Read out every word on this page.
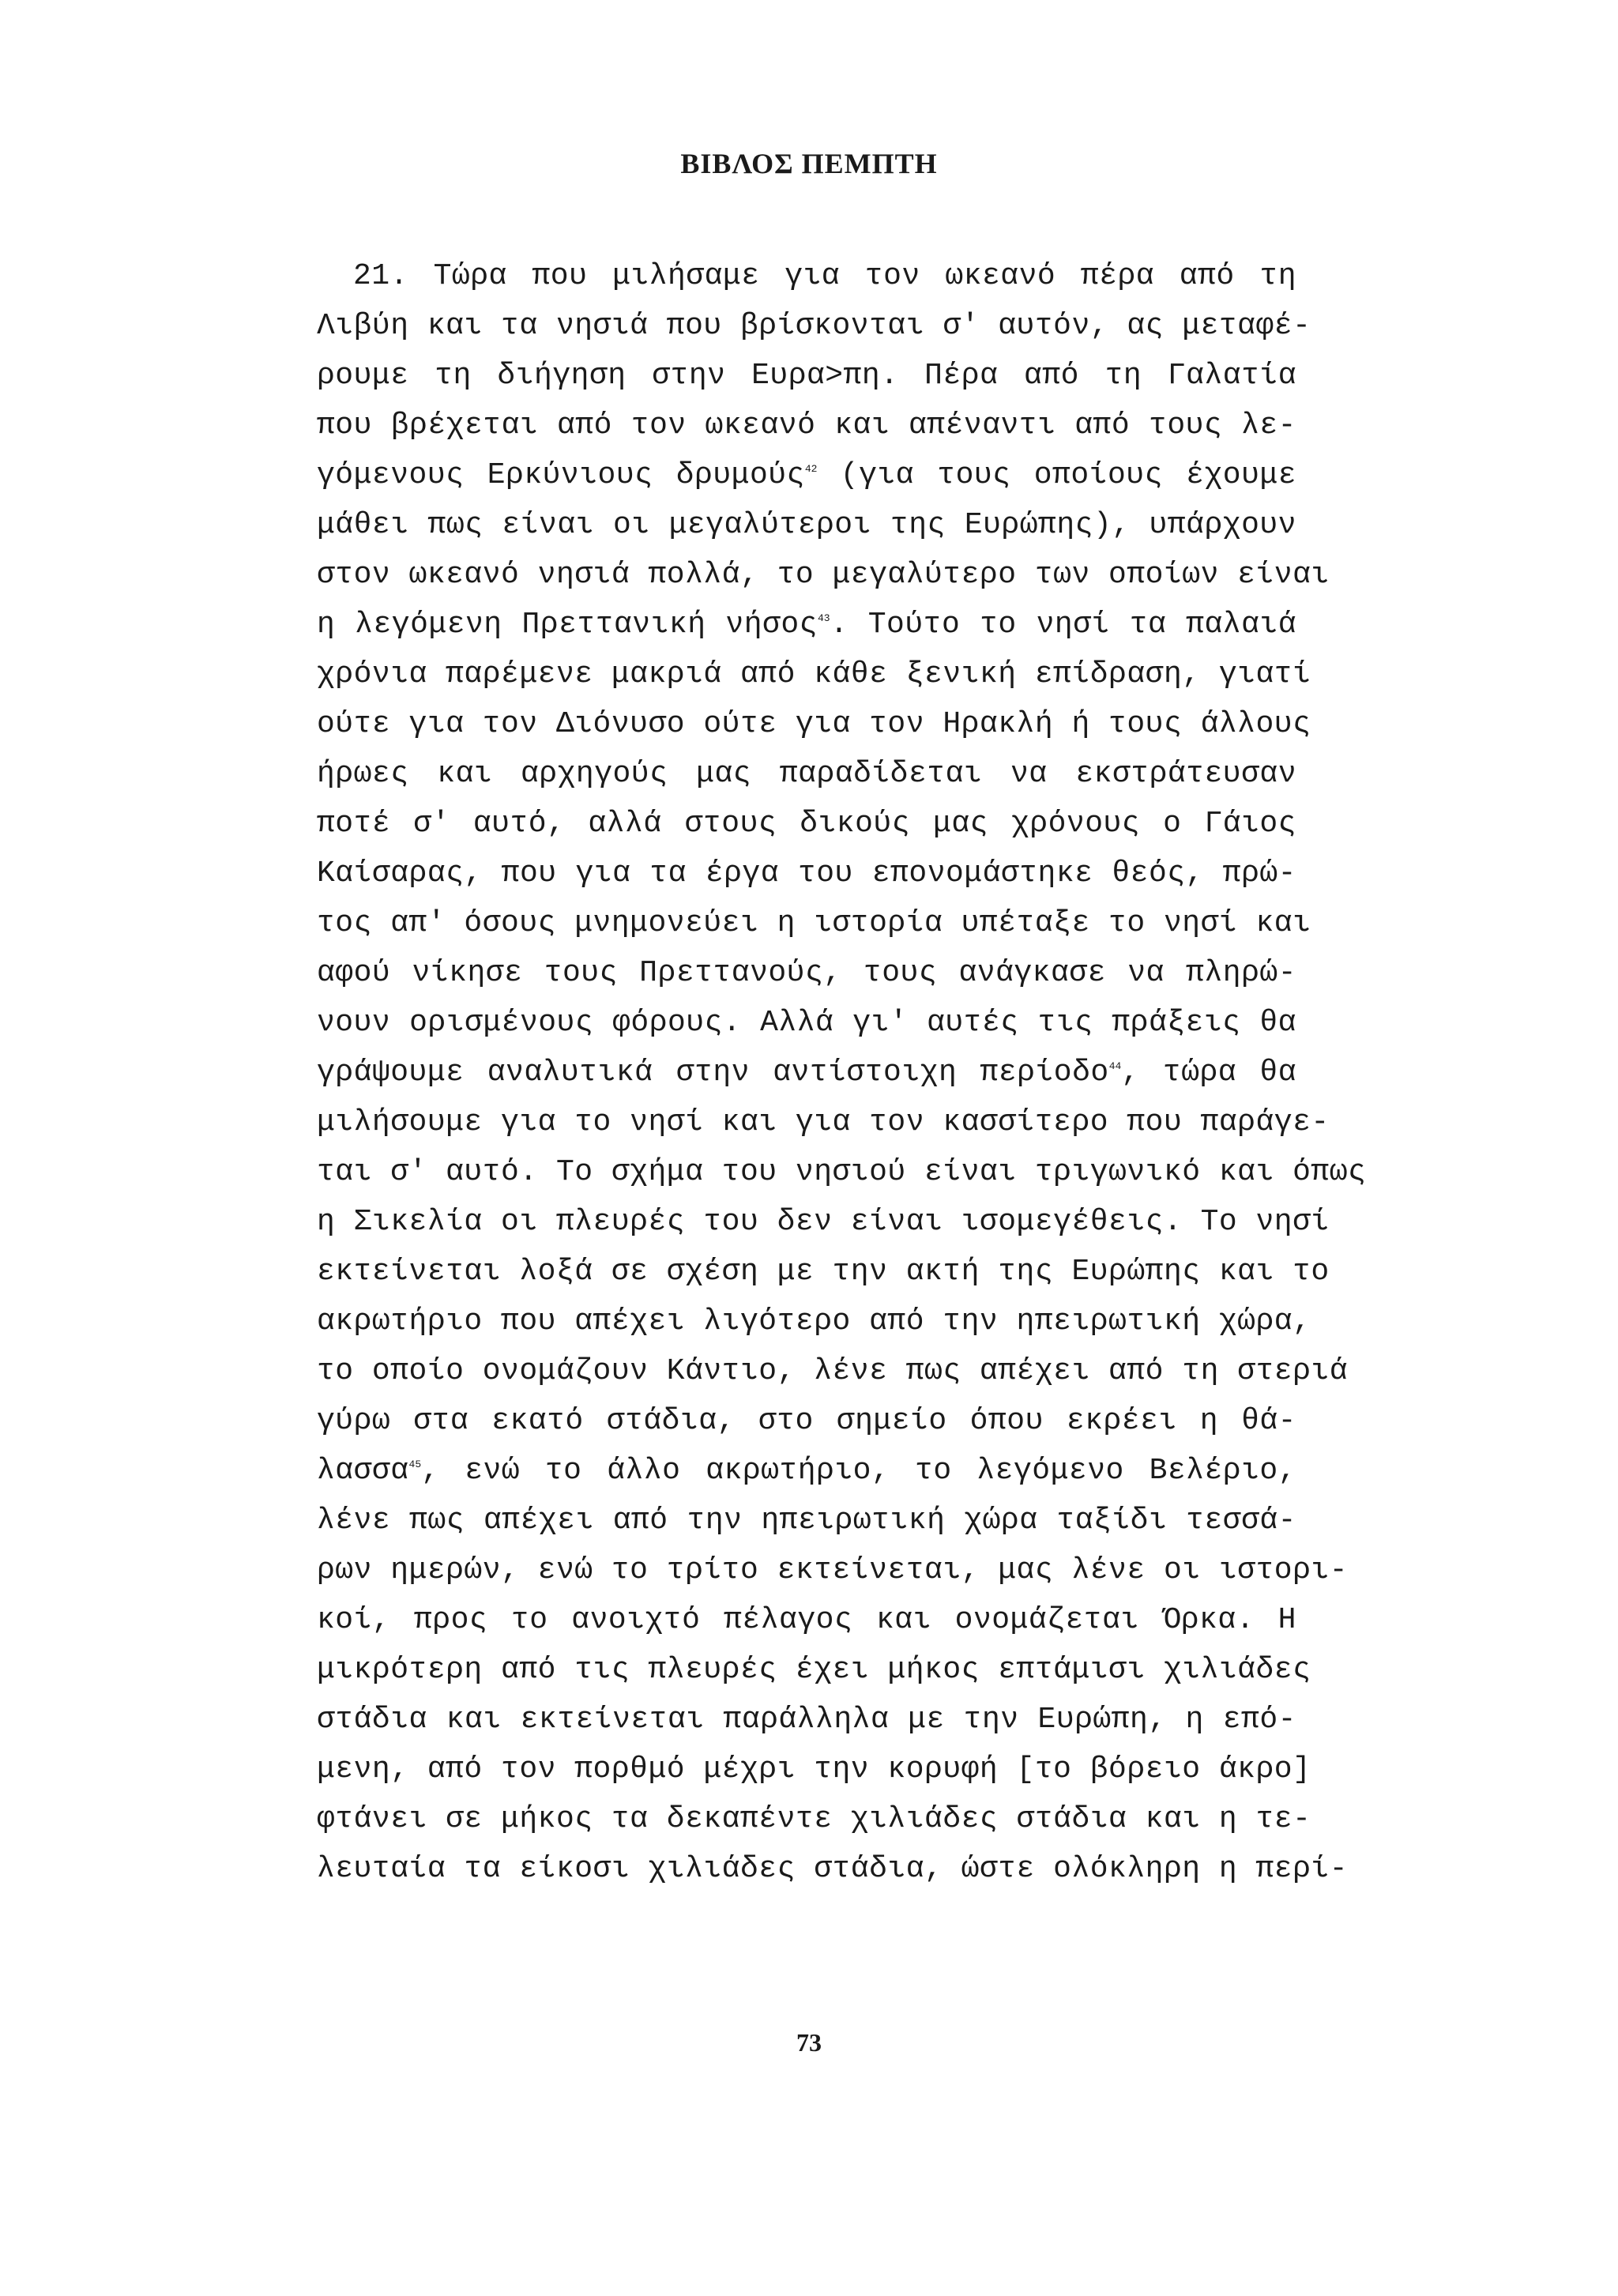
ΒΙΒΛΟΣ ΠΕΜΠΤΗ
21. Τώρα που μιλήσαμε για τον ωκεανό πέρα από τη
Λιβύη και τα νησιά που βρίσκονται σ' αυτόν, ας μεταφέ-
ρουμε τη διήγηση στην Ευρα>πη. Πέρα από τη Γαλατία
που βρέχεται από τον ωκεανό και απέναντι από τους λε-
γόμενους Ερκύνιους δρυμούς$^{42}$ (για τους οποίους έχουμε
μάθει πως είναι οι μεγαλύτεροι της Ευρώπης), υπάρχουν
στον ωκεανό νησιά πολλά, το μεγαλύτερο των οποίων είναι
η λεγόμενη Πρεττανική νήσος$^{43}$. Τούτο το νησί τα παλαιά
χρόνια παρέμενε μακριά από κάθε ξενική επίδραση, γιατί
ούτε για τον Διόνυσο ούτε για τον Ηρακλή ή τους άλλους
ήρωες και αρχηγούς μας παραδίδεται να εκστράτευσαν
ποτέ σ' αυτό, αλλά στους δικούς μας χρόνους ο Γάιος
Καίσαρας, που για τα έργα του επονομάστηκε θεός, πρώ-
τος απ' όσους μνημονεύει η ιστορία υπέταξε το νησί και
αφού νίκησε τους Πρεττανούς, τους ανάγκασε να πληρώ-
νουν ορισμένους φόρους. Αλλά γι' αυτές τις πράξεις θα
γράψουμε αναλυτικά στην αντίστοιχη περίοδο$^{44}$, τώρα θα
μιλήσουμε για το νησί και για τον κασσίτερο που παράγε-
ται σ' αυτό. Το σχήμα του νησιού είναι τριγωνικό και όπως
η Σικελία οι πλευρές του δεν είναι ισομεγέθεις. Το νησί
εκτείνεται λοξά σε σχέση με την ακτή της Ευρώπης και το
ακρωτήριο που απέχει λιγότερο από την ηπειρωτική χώρα,
το οποίο ονομάζουν Κάντιο, λένε πως απέχει από τη στεριά
γύρω στα εκατό στάδια, στο σημείο όπου εκρέει η θά-
λασσα$^{45}$, ενώ το άλλο ακρωτήριο, το λεγόμενο Βελέριο,
λένε πως απέχει από την ηπειρωτική χώρα ταξίδι τεσσά-
ρων ημερών, ενώ το τρίτο εκτείνεται, μας λένε οι ιστορι-
κοί, προς το ανοιχτό πέλαγος και ονομάζεται Όρκα. Η
μικρότερη από τις πλευρές έχει μήκος επτάμισι χιλιάδες
στάδια και εκτείνεται παράλληλα με την Ευρώπη, η επό-
μενη, από τον πορθμό μέχρι την κορυφή [το βόρειο άκρο]
φτάνει σε μήκος τα δεκαπέντε χιλιάδες στάδια και η τε-
λευταία τα είκοσι χιλιάδες στάδια, ώστε ολόκληρη η περί-
73
